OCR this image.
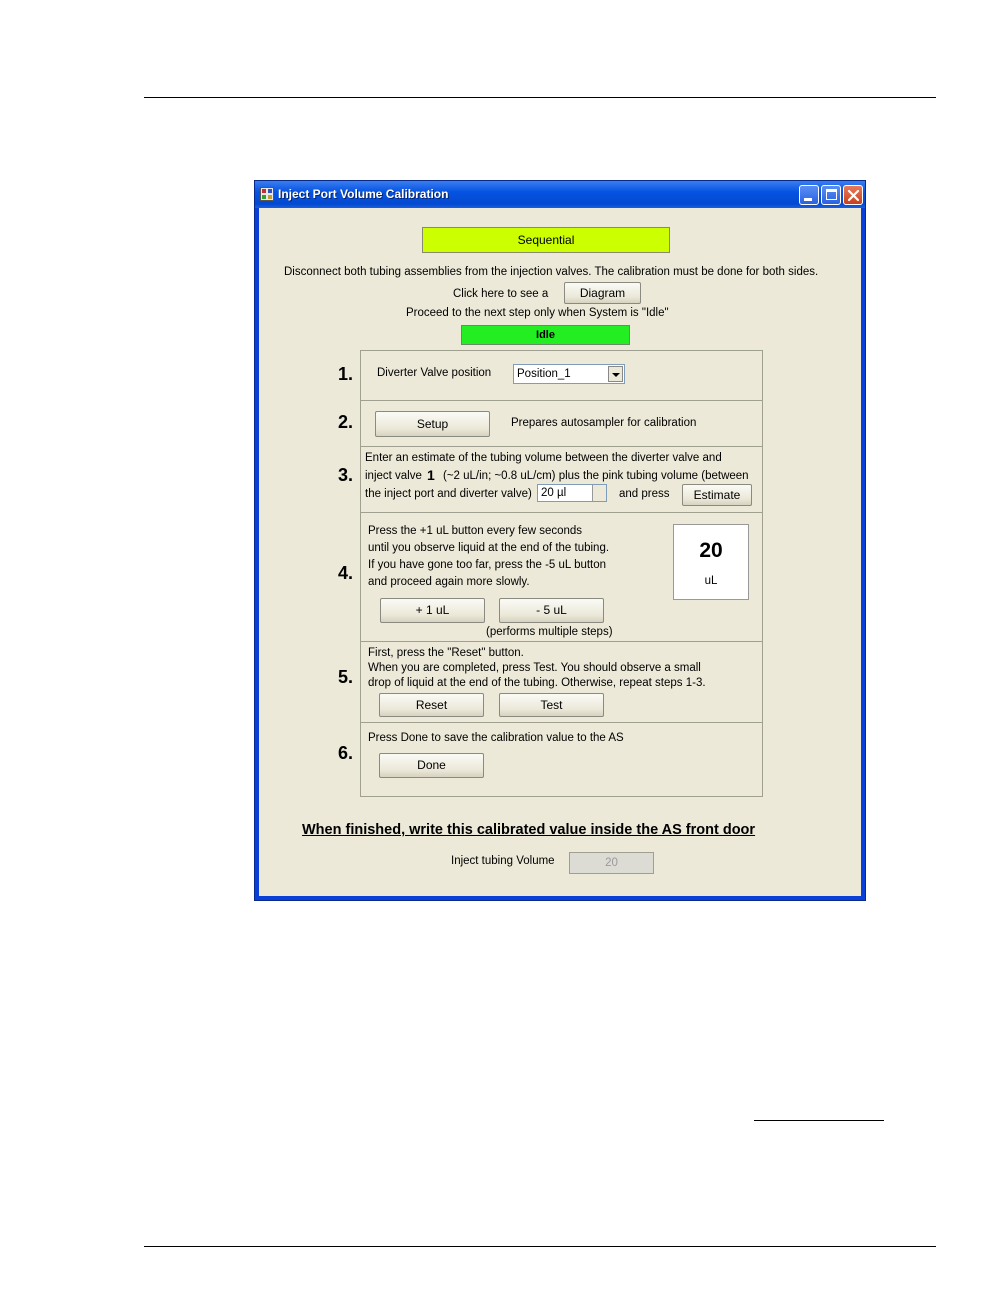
Inject Port Volume Calibration
Sequential
Disconnect both tubing assemblies from the injection valves. The calibration must be done for both sides.
Click here to see a	Diagram
Proceed to the next step only when System is "Idle"
Idle
1. Diverter Valve position	Position_1
2.	Setup	Prepares autosampler for calibration
3.
Enter an estimate of the tubing volume between the diverter valve and
inject valve 1 (~2 uL/in; ~0.8 uL/cm) plus the pink tubing volume (between
the inject port and diverter valve) 20 µl	and press	Estimate
4.
Press the +1 uL button every few seconds
until you observe liquid at the end of the tubing.
If you have gone too far, press the -5 uL button
and proceed again more slowly.
+ 1 uL	- 5 uL
(performs multiple steps)
20
uL
5.
First, press the "Reset" button.
When you are completed, press Test. You should observe a small
drop of liquid at the end of the tubing. Otherwise, repeat steps 1-3.
Reset	Test
6.
Press Done to save the calibration value to the AS
Done
When finished, write this calibrated value inside the AS front door
Inject tubing Volume	20
